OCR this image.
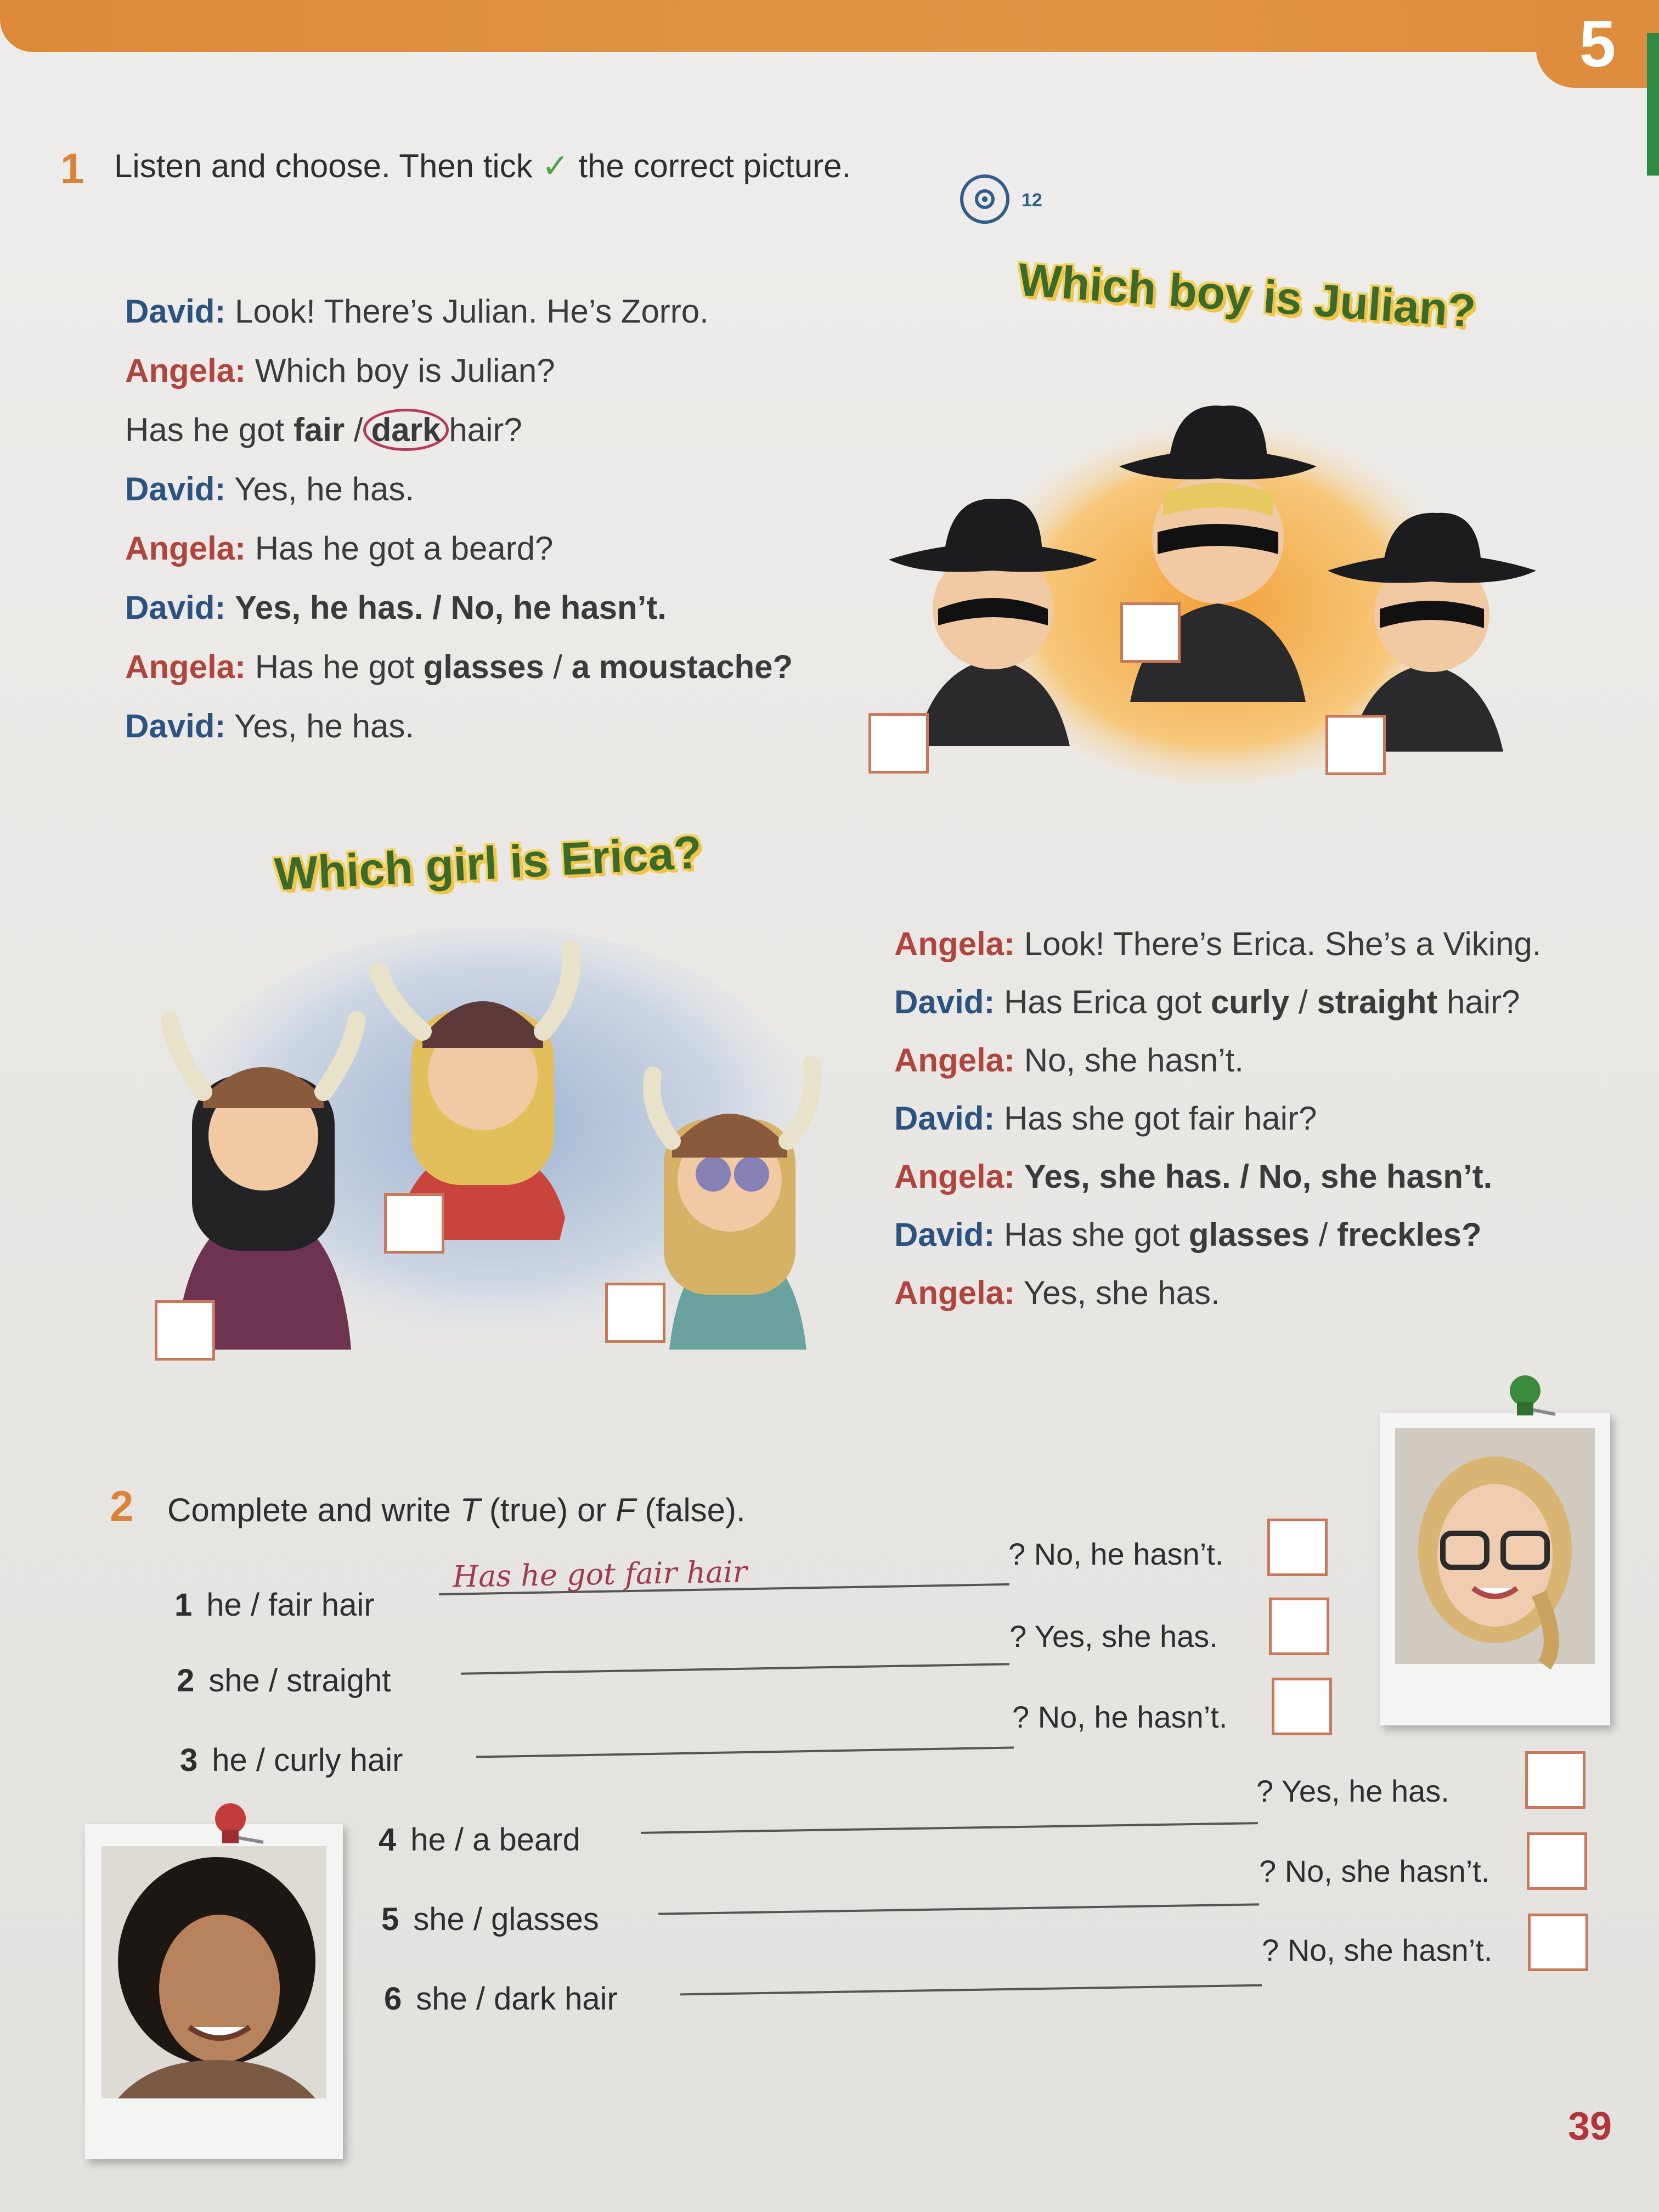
5
1 Listen and choose. Then tick ✓ the correct picture.
12
David: Look! There’s Julian. He’s Zorro.
Angela: Which boy is Julian?
Has he got fair / dark hair?
David: Yes, he has.
Angela: Has he got a beard?
David: Yes, he has. / No, he hasn’t.
Angela: Has he got glasses / a moustache?
David: Yes, he has.
Which boy is Julian?
Which girl is Erica?
Angela: Look! There’s Erica. She’s a Viking.
David: Has Erica got curly / straight hair?
Angela: No, she hasn’t.
David: Has she got fair hair?
Angela: Yes, she has. / No, she hasn’t.
David: Has she got glasses / freckles?
Angela: Yes, she has.
2 Complete and write T (true) or F (false).
1 he / fair hair
Has he got fair hair
? No, he hasn’t.
2 she / straight
? Yes, she has.
3 he / curly hair
? No, he hasn’t.
4 he / a beard
? Yes, he has.
5 she / glasses
? No, she hasn’t.
6 she / dark hair
? No, she hasn’t.
39
